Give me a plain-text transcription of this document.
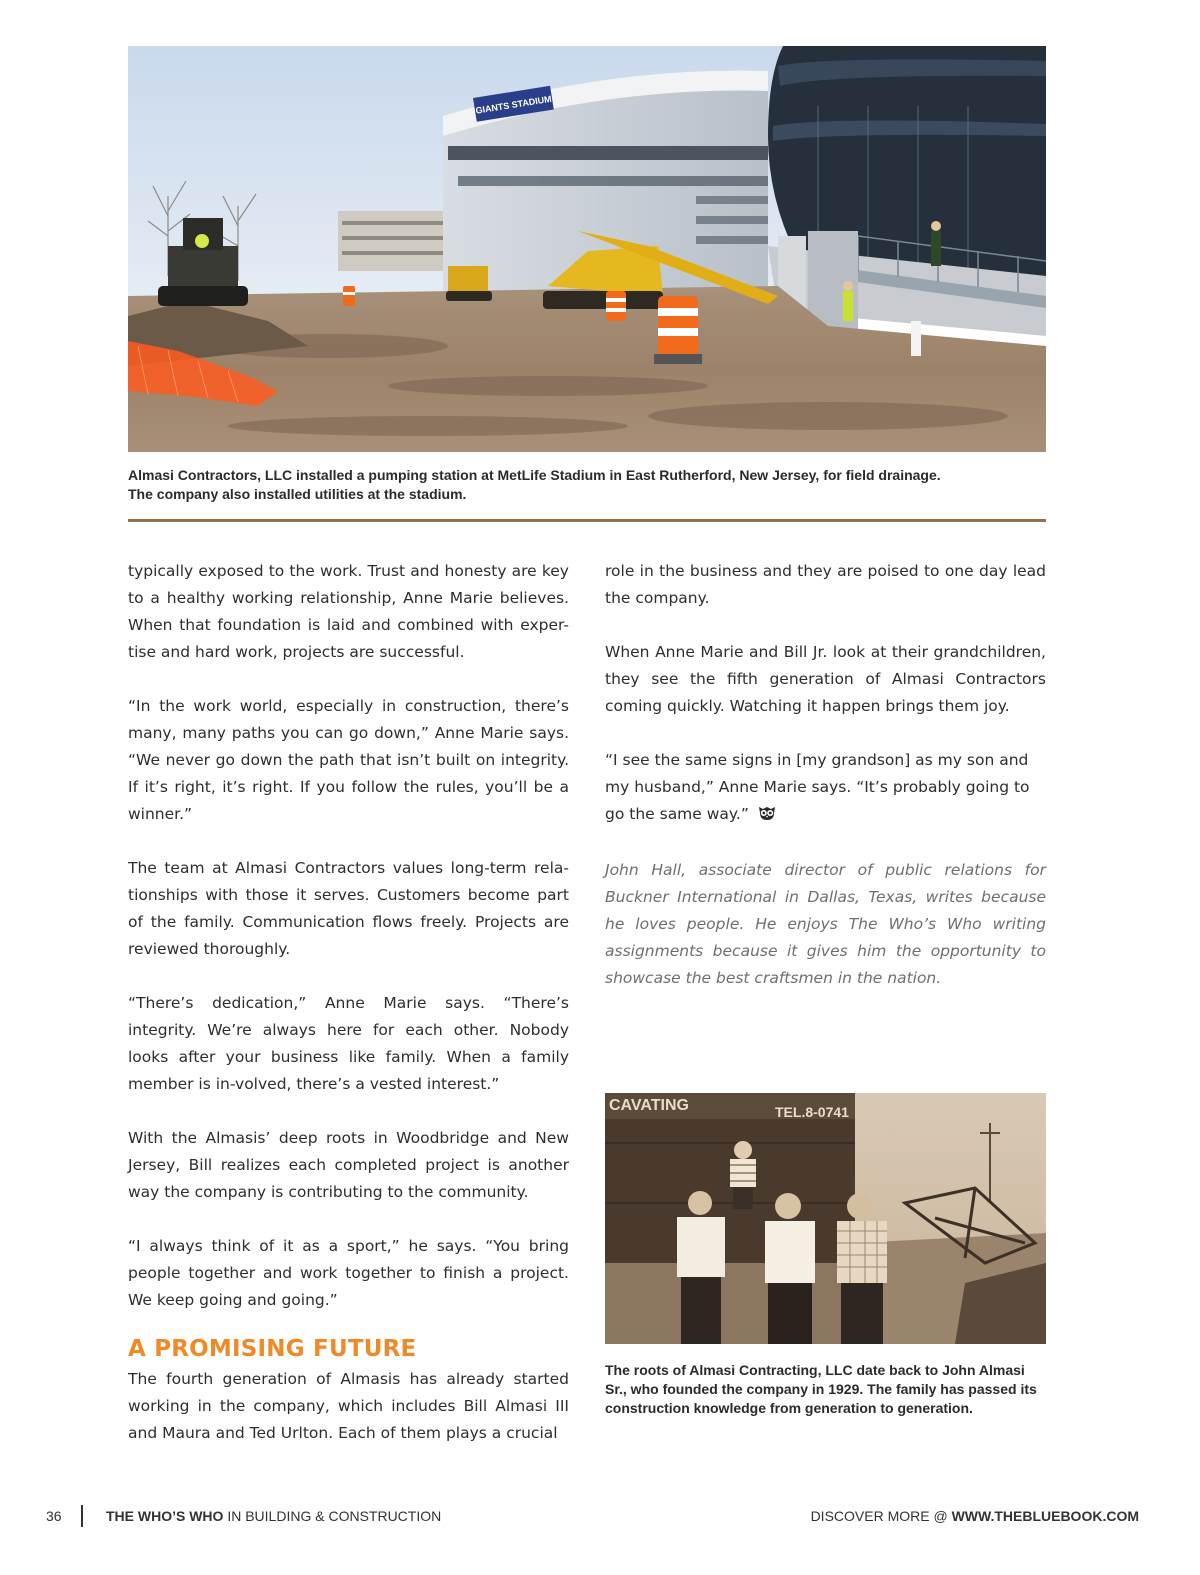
GIANTS STADIUM
Almasi Contractors, LLC installed a pumping station at MetLife Stadium in East Rutherford, New Jersey, for field drainage.
The company also installed utilities at the stadium.

typically exposed to the work. Trust and honesty are key to a healthy working relationship, Anne Marie believes. When that foundation is laid and combined with exper-tise and hard work, projects are successful.

“In the work world, especially in construction, there’s many, many paths you can go down,” Anne Marie says. “We never go down the path that isn’t built on integrity. If it’s right, it’s right. If you follow the rules, you’ll be a winner.”

The team at Almasi Contractors values long-term rela-tionships with those it serves. Customers become part of the family. Communication flows freely. Projects are reviewed thoroughly.

“There’s dedication,” Anne Marie says. “There’s integrity. We’re always here for each other. Nobody looks after your business like family. When a family member is in-volved, there’s a vested interest.”

With the Almasis’ deep roots in Woodbridge and New Jersey, Bill realizes each completed project is another way the company is contributing to the community.

“I always think of it as a sport,” he says. “You bring people together and work together to finish a project. We keep going and going.”

A PROMISING FUTURE

The fourth generation of Almasis has already started working in the company, which includes Bill Almasi III and Maura and Ted Urlton. Each of them plays a crucial

role in the business and they are poised to one day lead the company.

When Anne Marie and Bill Jr. look at their grandchildren, they see the fifth generation of Almasi Contractors coming quickly. Watching it happen brings them joy.

“I see the same signs in [my grandson] as my son and my husband,” Anne Marie says. “It’s probably going to go the same way.”

John Hall, associate director of public relations for Buckner International in Dallas, Texas, writes because he loves people. He enjoys The Who’s Who writing assignments because it gives him the opportunity to showcase the best craftsmen in the nation.

CAVATING	TEL.8-0741
The roots of Almasi Contracting, LLC date back to John Almasi
Sr., who founded the company in 1929. The family has passed its
construction knowledge from generation to generation.
36	THE WHO’S WHO IN BUILDING & CONSTRUCTION	DISCOVER MORE @ WWW.THEBLUEBOOK.COM
